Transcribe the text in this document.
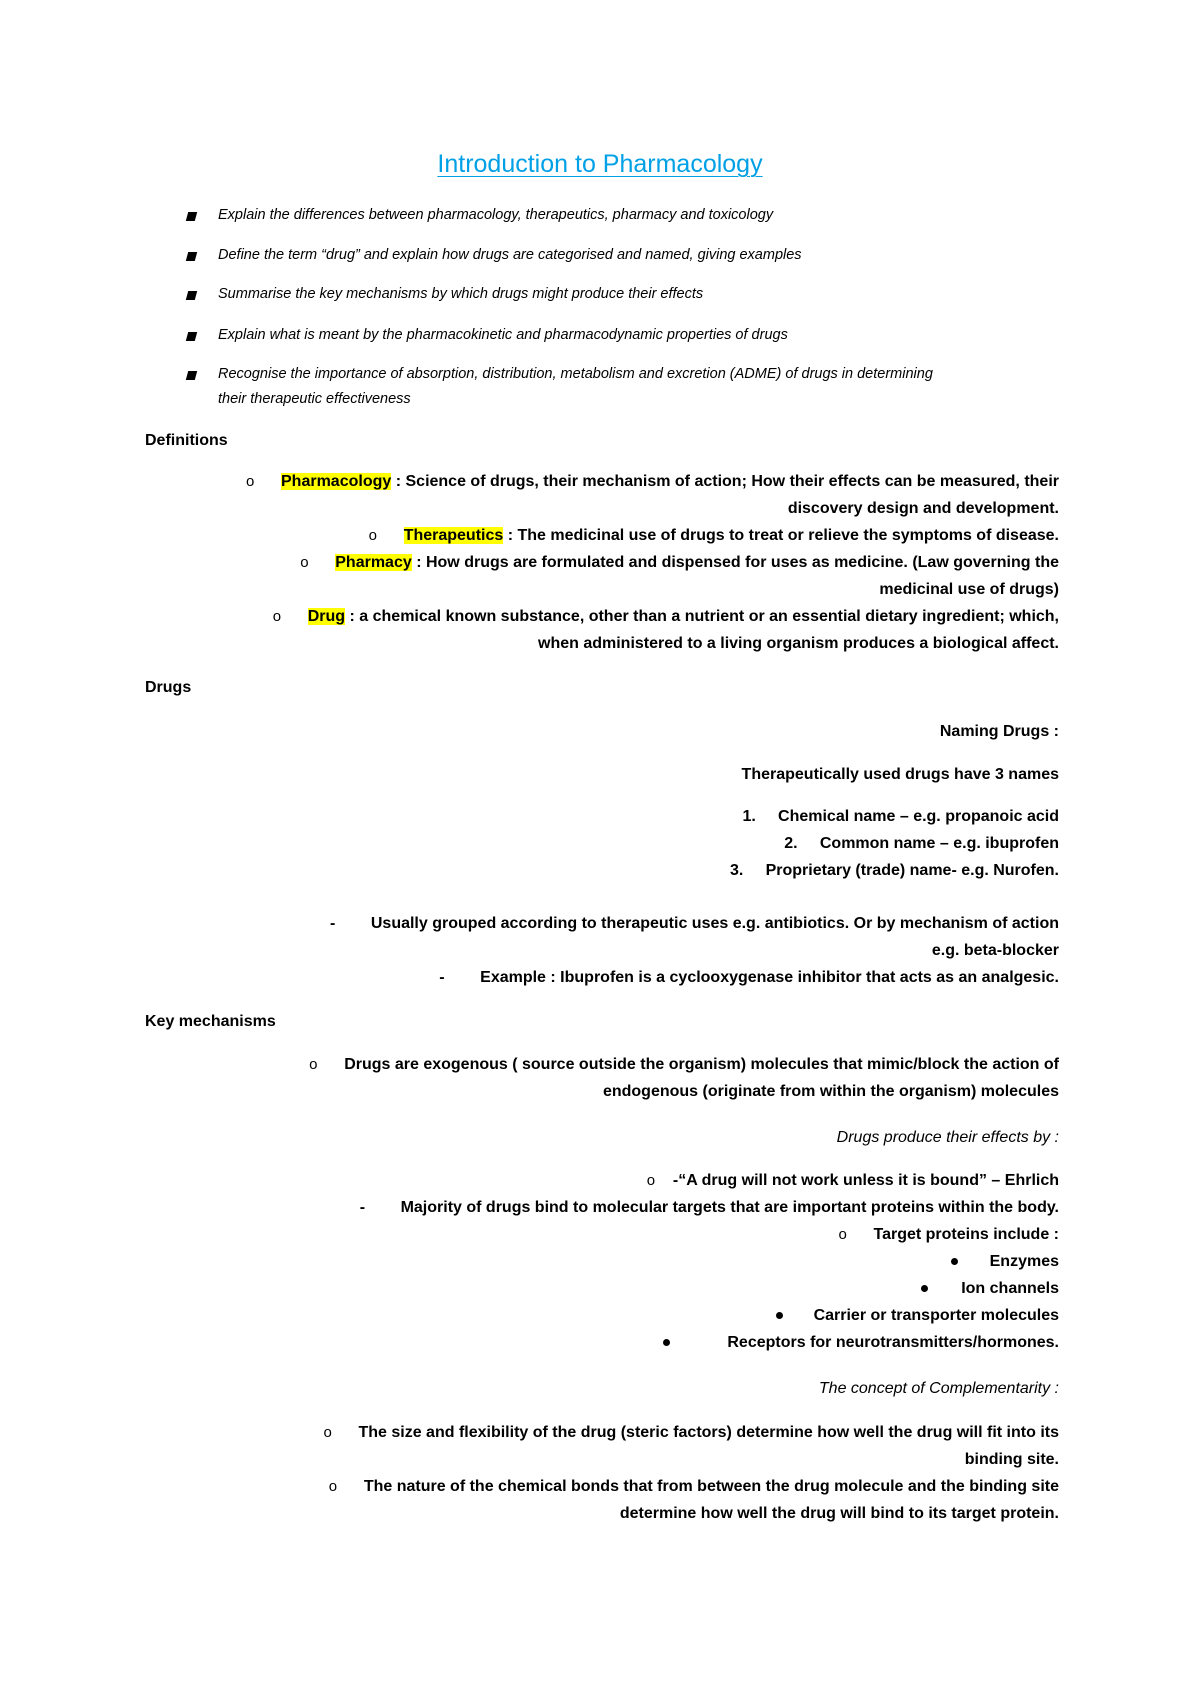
Introduction to Pharmacology
Explain the differences between pharmacology, therapeutics, pharmacy and toxicology
Define the term “drug” and explain how drugs are categorised and named, giving examples
Summarise the key mechanisms by which drugs might produce their effects
Explain what is meant by the pharmacokinetic and pharmacodynamic properties of drugs
Recognise the importance of absorption, distribution, metabolism and excretion (ADME) of drugs in determining
their therapeutic effectiveness
Definitions
o Pharmacology : Science of drugs, their mechanism of action; How their effects can be measured, their
discovery design and development.
o Therapeutics : The medicinal use of drugs to treat or relieve the symptoms of disease.
o Pharmacy : How drugs are formulated and dispensed for uses as medicine. (Law governing the
medicinal use of drugs)
o Drug : a chemical known substance, other than a nutrient or an essential dietary ingredient; which,
when administered to a living organism produces a biological affect.
Drugs
Naming Drugs :
Therapeutically used drugs have 3 names
1. Chemical name – e.g. propanoic acid
2. Common name – e.g. ibuprofen
3. Proprietary (trade) name- e.g. Nurofen.
- Usually grouped according to therapeutic uses e.g. antibiotics. Or by mechanism of action
e.g. beta-blocker
- Example : Ibuprofen is a cyclooxygenase inhibitor that acts as an analgesic.
Key mechanisms
o Drugs are exogenous ( source outside the organism) molecules that mimic/block the action of
endogenous (originate from within the organism) molecules
Drugs produce their effects by :
o -“A drug will not work unless it is bound” – Ehrlich
- Majority of drugs bind to molecular targets that are important proteins within the body.
o Target proteins include :
Enzymes
Ion channels
Carrier or transporter molecules
Receptors for neurotransmitters/hormones.
The concept of Complementarity :
o The size and flexibility of the drug (steric factors) determine how well the drug will fit into its
binding site.
o The nature of the chemical bonds that from between the drug molecule and the binding site
determine how well the drug will bind to its target protein.
